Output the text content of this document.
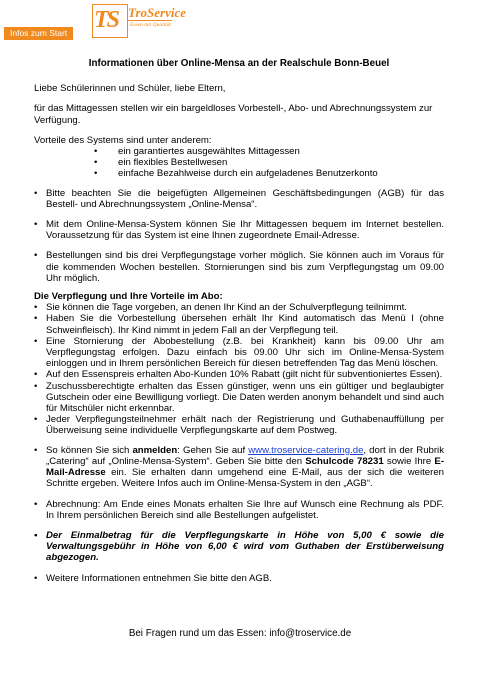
Infos zum Start TS TroService
Essen mit Qualität
Informationen über Online-Mensa an der Realschule Bonn-Beuel

Liebe Schülerinnen und Schüler, liebe Eltern,

für das Mittagessen stellen wir ein bargeldloses Vorbestell-, Abo- und Abrechnungssystem zur Verfügung.

Vorteile des Systems sind unter anderem:

• ein garantiertes ausgewähltes Mittagessen
• ein flexibles Bestellwesen
• einfache Bezahlweise durch ein aufgeladenes Benutzerkonto
• Bitte beachten Sie die beigefügten Allgemeinen Geschäftsbedingungen (AGB) für das Bestell- und Abrechnungssystem „Online-Mensa“.
• Mit dem Online-Mensa-System können Sie Ihr Mittagessen bequem im Internet bestellen. Voraussetzung für das System ist eine Ihnen zugeordnete Email-Adresse.
• Bestellungen sind bis drei Verpflegungstage vorher möglich. Sie können auch im Voraus für die kommenden Wochen bestellen. Stornierungen sind bis zum Verpflegungstag um 09.00 Uhr möglich.

Die Verpflegung und Ihre Vorteile im Abo:

• Sie können die Tage vorgeben, an denen Ihr Kind an der Schulverpflegung teilnimmt.
• Haben Sie die Vorbestellung übersehen erhält Ihr Kind automatisch das Menü I (ohne Schweinfleisch). Ihr Kind nimmt in jedem Fall an der Verpflegung teil.
• Eine Stornierung der Abobestellung (z.B. bei Krankheit) kann bis 09.00 Uhr am Verpflegungstag erfolgen. Dazu einfach bis 09.00 Uhr sich im Online-Mensa-System einloggen und in Ihrem persönlichen Bereich für diesen betreffenden Tag das Menü löschen.
• Auf den Essenspreis erhalten Abo-Kunden 10% Rabatt (gilt nicht für subventioniertes Essen).
• Zuschussberechtigte erhalten das Essen günstiger, wenn uns ein gültiger und beglaubigter Gutschein oder eine Bewilligung vorliegt. Die Daten werden anonym behandelt und sind auch für Mitschüler nicht erkennbar.
• Jeder Verpflegungsteilnehmer erhält nach der Registrierung und Guthabenauffüllung per Überweisung seine individuelle Verpflegungskarte auf dem Postweg.
• So können Sie sich anmelden: Gehen Sie auf www.troservice-catering.de, dort in der Rubrik „Catering“ auf „Online-Mensa-System“. Geben Sie bitte den Schulcode 78231 sowie Ihre E-Mail-Adresse ein. Sie erhalten dann umgehend eine E-Mail, aus der sich die weiteren Schritte ergeben. Weitere Infos auch im Online-Mensa-System in den „AGB“.
• Abrechnung: Am Ende eines Monats erhalten Sie Ihre auf Wunsch eine Rechnung als PDF. In Ihrem persönlichen Bereich sind alle Bestellungen aufgelistet.
• Der Einmalbetrag für die Verpflegungskarte in Höhe von 5,00 € sowie die Verwaltungsgebühr in Höhe von 6,00 € wird vom Guthaben der Erstüberweisung abgezogen.
• Weitere Informationen entnehmen Sie bitte den AGB.
Bei Fragen rund um das Essen: info@troservice.de
